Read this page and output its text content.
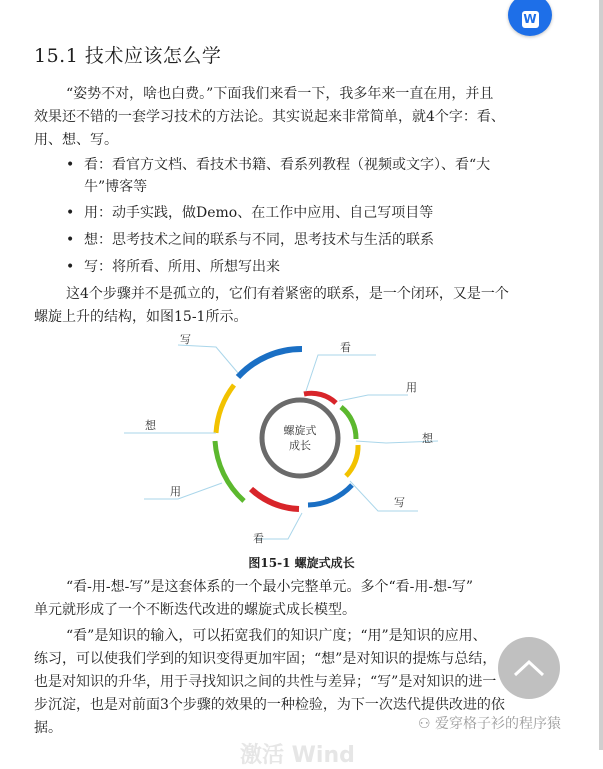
W
15.1 技术应该怎么学
“姿势不对，啥也白费。”下面我们来看一下，我多年来一直在用，并且
效果还不错的一套学习技术的方法论。其实说起来非常简单，就4个字：看、
用、想、写。
• 看：看官方文档、看技术书籍、看系列教程（视频或文字）、看“大
牛”博客等
• 用：动手实践，做Demo、在工作中应用、自己写项目等
• 想：思考技术之间的联系与不同，思考技术与生活的联系
• 写：将所看、所用、所想写出来
这4个步骤并不是孤立的，它们有着紧密的联系，是一个闭环，又是一个
螺旋上升的结构，如图15-1所示。
写
看
用
想
写
想
用
看
螺旋式
成长
图15-1 螺旋式成长
“看-用-想-写”是这套体系的一个最小完整单元。多个“看-用-想-写”
单元就形成了一个不断迭代改进的螺旋式成长模型。
“看”是知识的输入，可以拓宽我们的知识广度；“用”是知识的应用、
练习，可以使我们学到的知识变得更加牢固；“想”是对知识的提炼与总结，
也是对知识的升华，用于寻找知识之间的共性与差异；“写”是对知识的进一
步沉淀，也是对前面3个步骤的效果的一种检验，为下一次迭代提供改进的依
据。
激活 Wind
⚇ 爱穿格子衫的程序猿
